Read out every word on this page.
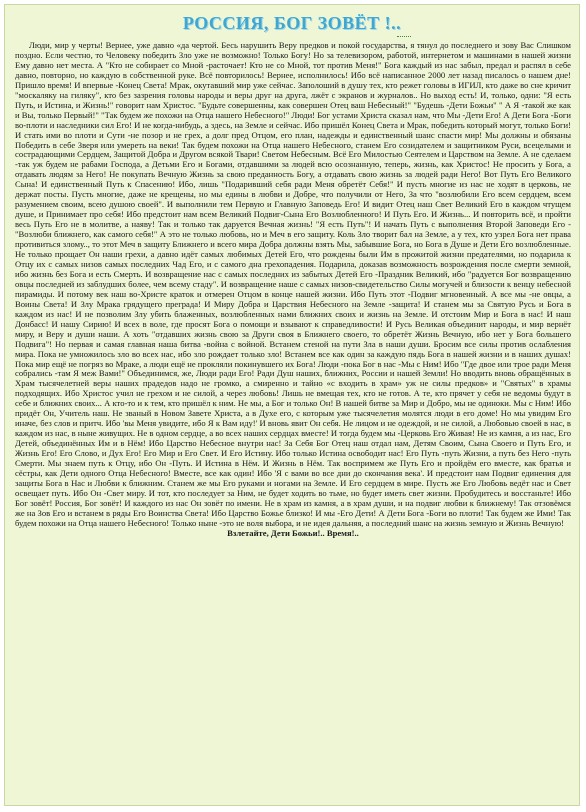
РОССИЯ, БОГ ЗОВЁТ !..
Люди, мир у черты! Вернее, уже давно «да чертой. Бесь нарушить Веру предков и покой государства, я тянул до последнего и зову Вас Слишком поздно. Если честно, то Человеку победить Зло уже не возможно! Только Богу! Но за телевизором, работой, интернетом и машинами в нашей жизни Ему давно нет места. А "Кто не собирает со Мной -расточает! Кто не со Мной, тот против Меня!" Бога каждый из нас забыл, предал и распял в себе давно, повторно, но каждую в собственной руке. Всё повторилось! Вернее, исполнилось! Ибо всё написанное 2000 лет назад писалось о нашем дне! Пришло время! И впервые -Конец Света! Мрак, окутавший мир уже сейчас. Заполоший в душу тех, кто режет головы в ИГИЛ, кто даже во сне кричит "москаляку на гиляку", кто без зазрения головы народы и веры друг на друга, лжёт с экранов и журналов.. Но выход есть! И, только, одни: "Я есть Путь, и Истина, и Жизнь!" говорит нам Христос. "Будьте совершенны, как совершен Отец ваш Небесный!" "Будешь -Дети Божьи" " А Я -такой же как и Вы, только Первый!" "Так будем же похожи на Отца нашего Небесного!" Люди! Бог устами Христа сказал нам, что Мы -Дети Его! А Дети Бога -Боги во-плоти и наследники сил Его! И не когда-нибудь, а здесь, на Земле и сейчас. Ибо пришёл Конец Света и Мрак, победить который могут, только Боги! И стать ими во плоти и Сути -не позор и не грех, а долг пред Отцом, его план, надежды и единственный шанс спасти мир! Мы должны и обязаны Победить в себе Зверя или умереть на веки! Так будем похожи на Отца нашего Небесного, станем Его созидателем и защитником Руси, всецелыми и сострадающими Сердцем, Защитой Добра и Другом всякой Твари! Светом Небесным. Всё Его Милостью Сеятелем и Царством на Земле. А не сделаем -так уж будем не рабами Господа, а Детьми Его и Богами, отдавшими за людей всю осознанную, теперь, жизнь, как Христос! Не просить у Бога, а отдавать людям за Него! Не покупать Вечную Жизнь за свою преданность Богу, а отдавать свою жизнь за людей ради Него! Вот Путь Его Великого Сына! И единственный Путь к Спасению! Ибо, лишь "Подаривший себя ради Меня обретёт Себя!" И пусть многие из нас не ходят в церковь, не держат посты. Пусть многие, даже не крещены, но мы едины в любви и Добре, что получили от Него, За что "возлюбили Его всем сердцем, всем разумением своим, всею душою своей". И выполнили тем Первую и Главную Заповедь Его! И видит Отец наш Свет Великий Его в каждом чтущем душе, и Принимает про себя! Ибо предстоит нам всем Великий Подвиг-Сына Его Возлюбленного! И Путь Его. И Жизнь... И повторить всё, и пройти весь Путь Его не в молитве, а наяву! Так и только так даруется Вечная жизнь! "Я есть Путь"! И начать Путь с выполнения Второй Заповеди Его -"Возлюби ближнего, как самого себя!" А это не только любовь, но и Меч в его защиту. Коль Зло творит бал на Земле, а у тех, кто узрел Бога нет права противиться злому.., то этот Меч в защиту Ближнего и всего мира Добра должны взять Мы, забывшие Бога, но Бога в Душе и Дети Его возлюбленные. Не только прощает Он наши грехи, а давно идёт самых любимых Детей Его, что рождены были Им в прожитой жизни предателями, но подарила к Отцу их с самых низов самых последних Чад Его, и с самого дна грехопадения. Подарила, доказав возможность возрождения после смерти земной, ибо жизнь без Бога и есть Смерть. И возвращение нас с самых последних из забытых Детей Его -Праздник Великий, ибо "радуется Бог возвращению овцы последней из заблудших более, чем всему стаду". И возвращение наше с самых низов-свидетельство Силы могучей и близости к венцу небесной пирамиды. И потому век наш во-Христе краток и отмерен Отцом в конце нашей жизни. Ибо Путь этот -Подвиг мгновенный. А все мы -не овцы, а Воины Света! И Злу Мрака грядущего преграда! И Миру Добра и Царствия Небесного на Земле -защита! И станем мы за Святую Русь и Бога в каждом из нас! И не позволим Злу убить блаженных, возлюбленных нами ближних своих и жизнь на Земле. И отстоим Мир и Бога в нас! И наш Донбасс! И нашу Сирию! И всех в воле, где просят Бога о помощи и взывают к справедливости! И Русь Великая объединит народы, и мир вернёт миру, и Веру и души наши. А хоть "отдавших жизнь свою за Други своя в Ближнего своего, то обретёт Жизнь Вечную, ибо нет у Бога большего Подвига"! Но первая и самая главная наша битва -война с войной. Встанем стеной на пути Зла в наши души. Бросим все силы против ослабления мира. Пока не умножилось зло во всех нас, ибо зло рождает только зло! Встанем все как один за каждую пядь Бога в нашей жизни и в наших душах! Пока мир ещё не погряз во Мраке, а люди ещё не прокляли покинувшего их Бога! Люди -пока Бог в нас -Мы с Ним! Ибо "Где двое или трое ради Меня собрались -там Я меж Вами!" Объединимся, же, Люди ради Его! Ради Душ наших, ближних, России и нашей Земли! Но вводить вновь обращённых в Храм тысячелетней веры наших прадедов надо не громко, а смиренно и тайно «с входить в храм» уж не силы предков» и "Святых" в храмы подходящих. Ибо Христос учил не грехом и не силой, а через любовь! Лишь не вмещая тех, кто не готов. А те, кто прячет у себя не ведомы будут в себе и ближних своих... А кто-то и к тем, кто пришёл к ним. Не мы, а Бог и только Он! В нашей битве за Мир и Добро, мы не одиноки. Мы с Ним! Ибо придёт Он, Учитель наш. Не званый в Новом Завете Христа, а в Духе его, с которым уже тысячелетия молятся люди в его доме! Но мы увидим Его иначе, без слов и притч. Ибо 'вы Меня увидите, ибо Я к Вам иду!' И вновь явит Он себя. Не лицом и не одеждой, и не силой, а Любовью своей в нас, в каждом из нас, в ныне живущих. Не в одном сердце, а во всех наших сердцах вместе! И тогда будем мы -Церковь Его Живая! Не из камня, а из нас, Его Детей, объединённых Им и в Нём! Ибо Царство Небесное внутри нас! За Себя Бог Отец наш отдал нам, Детям Своим, Сына Своего и Путь Его, и Жизнь Его! Его Слово, и Дух Его! Его Мир и Его Свет. И Его Истину. Ибо только Истина освободит нас! Его Путь -путь Жизни, а путь без Него -путь Смерти. Мы знаем путь к Отцу, ибо Он -Путь. И Истина в Нём. И Жизнь в Нём. Так воспримем же Путь Его и пройдём его вместе, как братья и сёстры, как Дети одного Отца Небесного! Вместе, все как один! Ибо 'Я с вами во все дни до скончания века'. И предстоит нам Подвиг единения для защиты Бога в Нас и Любви к ближним. Станем же мы Его руками и ногами на Земле. И Его сердцем в мире. Пусть же Его Любовь ведёт нас и Свет освещает путь. Ибо Он -Свет миру. И тот, кто последует за Ним, не будет ходить во тьме, но будет иметь свет жизни. Пробудитесь и восстаньте! Ибо Бог зовёт! Россия, Бог зовёт! И каждого из нас Он зовёт по имени. Не в храм из камня, а в храм души, и на подвиг любви к ближнему! Так отзовёмся же на Зов Его и встанем в ряды Его Воинства Света! Ибо Царство Божье близко! И мы -Его Дети! А Дети Бога -Боги во плоти! Так будем же Ими! Так будем похожи на Отца нашего Небесного! Только ныне -это не воля выбора, и не идея дальняя, а последний шанс на жизнь земную и Жизнь Вечную!
Взлетайте, Дети Божьи!.. Время!..
